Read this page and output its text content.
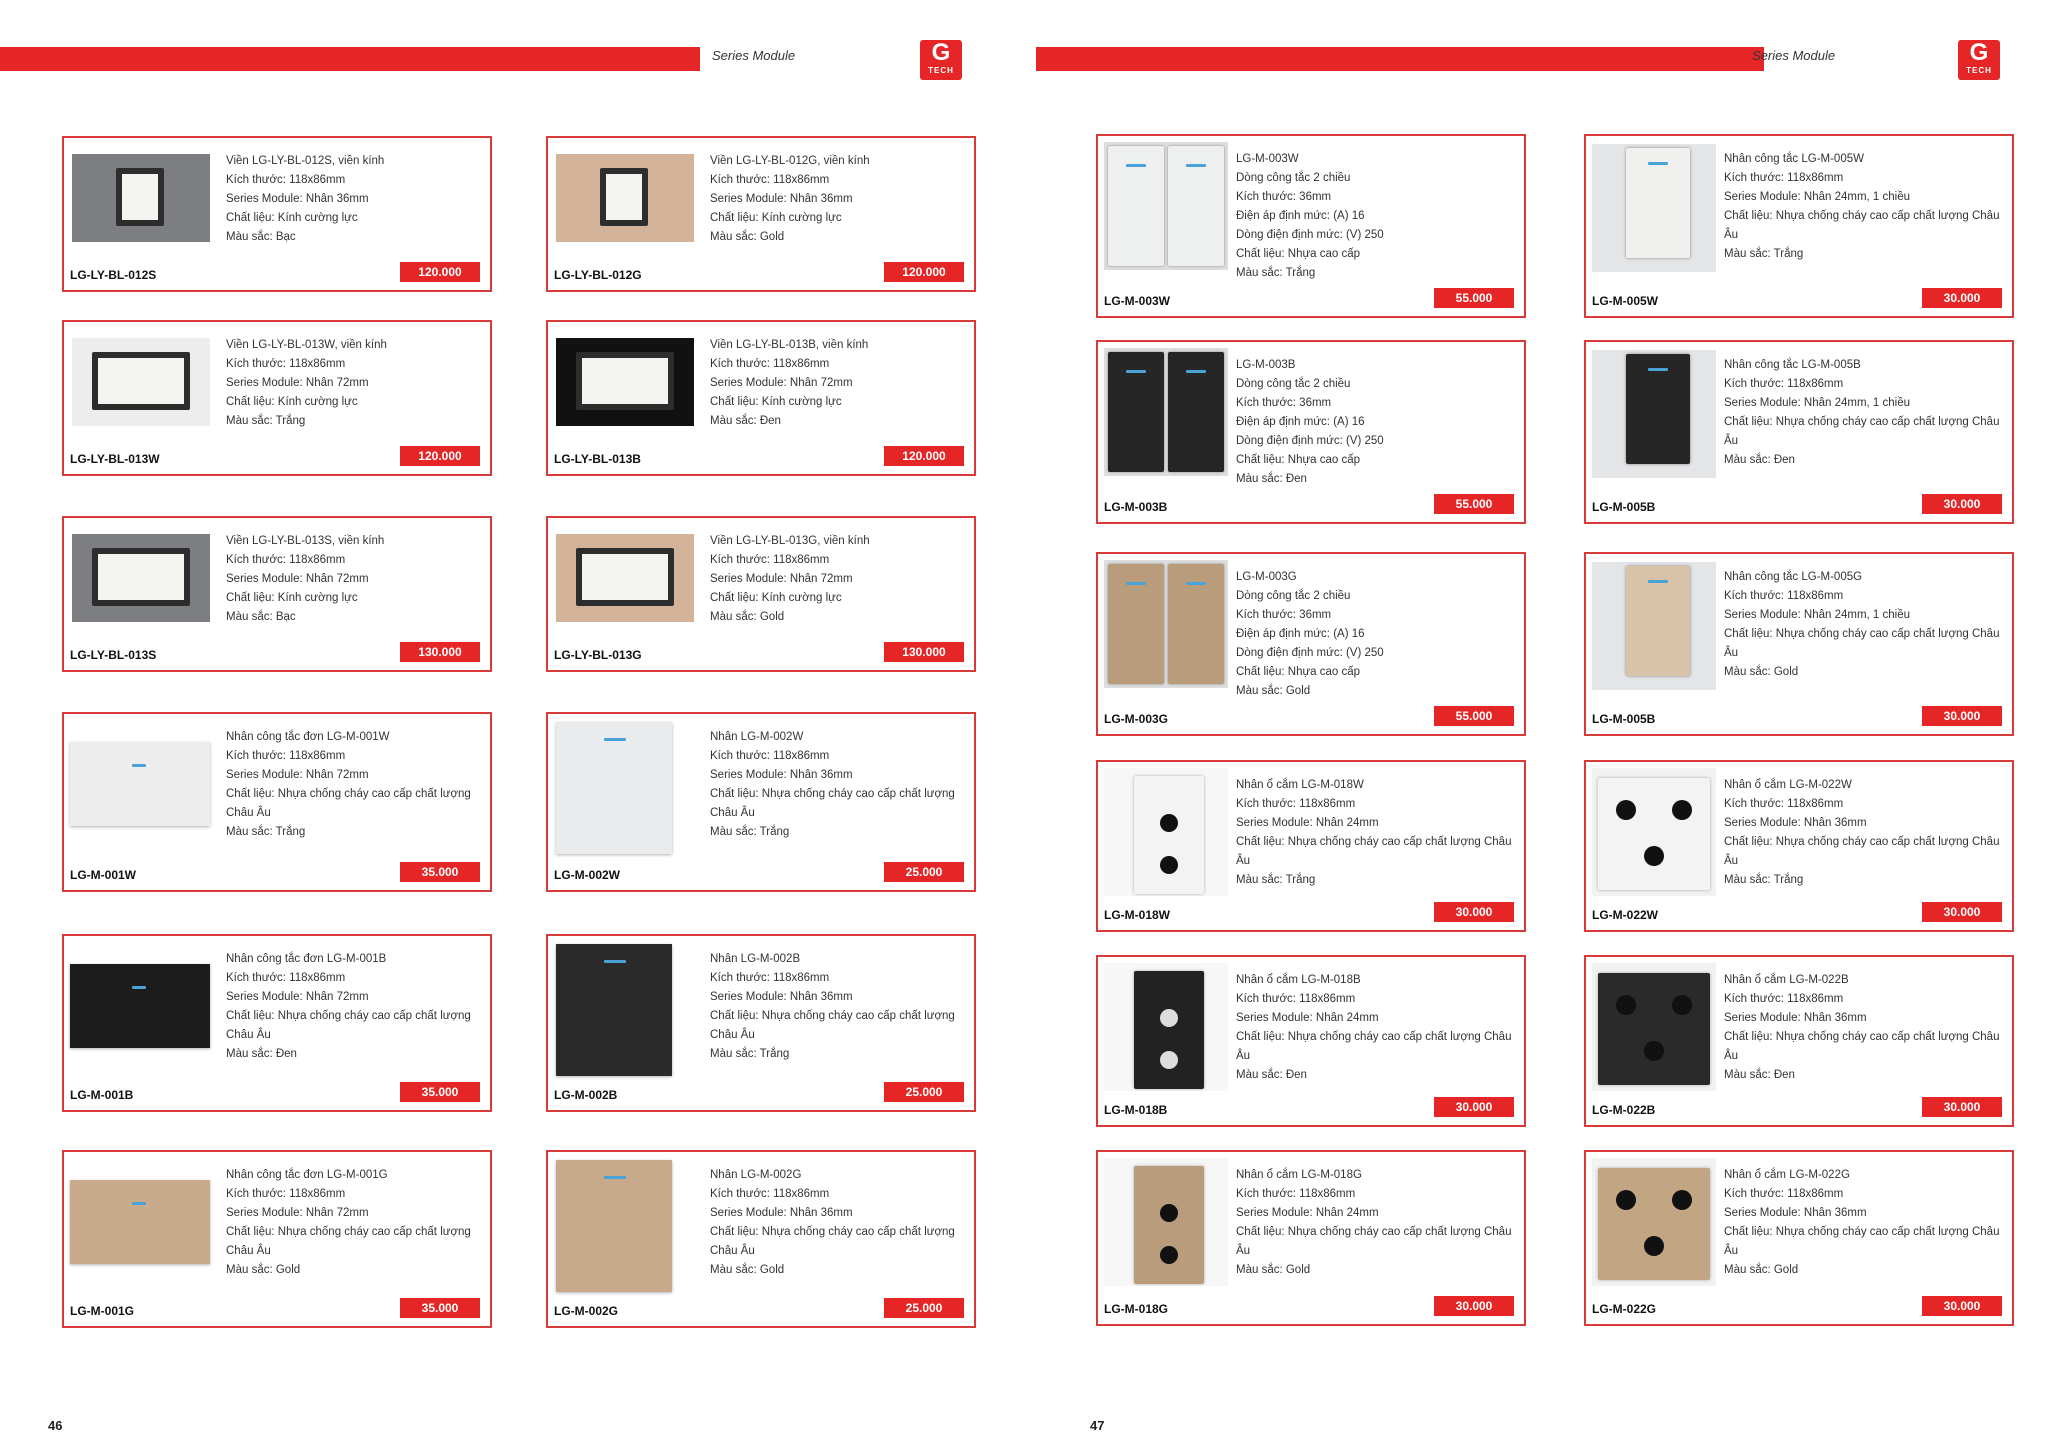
Series Module	G
TECH
46
Viền LG-LY-BL-012S, viền kính
Kích thước: 118x86mm
Series Module: Nhân 36mm
Chất liệu: Kính cường lực
Màu sắc: Bạc
LG-LY-BL-012S	120.000
Viền LG-LY-BL-012G, viền kính
Kích thước: 118x86mm
Series Module: Nhân 36mm
Chất liệu: Kính cường lực
Màu sắc: Gold
LG-LY-BL-012G	120.000
Viền LG-LY-BL-013W, viền kính
Kích thước: 118x86mm
Series Module: Nhân 72mm
Chất liệu: Kính cường lực
Màu sắc: Trắng
LG-LY-BL-013W	120.000
Viền LG-LY-BL-013B, viền kính
Kích thước: 118x86mm
Series Module: Nhân 72mm
Chất liệu: Kính cường lực
Màu sắc: Đen
LG-LY-BL-013B	120.000
Viền LG-LY-BL-013S, viền kính
Kích thước: 118x86mm
Series Module: Nhân 72mm
Chất liệu: Kính cường lực
Màu sắc: Bạc
LG-LY-BL-013S	130.000
Viền LG-LY-BL-013G, viền kính
Kích thước: 118x86mm
Series Module: Nhân 72mm
Chất liệu: Kính cường lực
Màu sắc: Gold
LG-LY-BL-013G	130.000
Nhân công tắc đơn LG-M-001W
Kích thước: 118x86mm
Series Module: Nhân 72mm
Chất liệu: Nhựa chống cháy cao cấp chất lượng Châu Âu
Màu sắc: Trắng
LG-M-001W	35.000
Nhân LG-M-002W
Kích thước: 118x86mm
Series Module: Nhân 36mm
Chất liệu: Nhựa chống cháy cao cấp chất lượng Châu Âu
Màu sắc: Trắng
LG-M-002W	25.000
Nhân công tắc đơn LG-M-001B
Kích thước: 118x86mm
Series Module: Nhân 72mm
Chất liệu: Nhựa chống cháy cao cấp chất lượng Châu Âu
Màu sắc: Đen
LG-M-001B	35.000
Nhân LG-M-002B
Kích thước: 118x86mm
Series Module: Nhân 36mm
Chất liệu: Nhựa chống cháy cao cấp chất lượng Châu Âu
Màu sắc: Trắng
LG-M-002B	25.000
Nhân công tắc đơn LG-M-001G
Kích thước: 118x86mm
Series Module: Nhân 72mm
Chất liệu: Nhựa chống cháy cao cấp chất lượng Châu Âu
Màu sắc: Gold
LG-M-001G	35.000
Nhân LG-M-002G
Kích thước: 118x86mm
Series Module: Nhân 36mm
Chất liệu: Nhựa chống cháy cao cấp chất lượng Châu Âu
Màu sắc: Gold
LG-M-002G	25.000
Series Module	G
TECH
47
LG-M-003W
Dòng công tắc 2 chiều
Kích thước: 36mm
Điện áp định mức: (A) 16
Dòng điện định mức: (V) 250
Chất liệu: Nhựa cao cấp
Màu sắc: Trắng
LG-M-003W	55.000
Nhân công tắc LG-M-005W
Kích thước: 118x86mm
Series Module: Nhân 24mm, 1 chiều
Chất liệu: Nhựa chống cháy cao cấp chất lượng Châu Âu
Màu sắc: Trắng
LG-M-005W	30.000
LG-M-003B
Dòng công tắc 2 chiều
Kích thước: 36mm
Điện áp định mức: (A) 16
Dòng điện định mức: (V) 250
Chất liệu: Nhựa cao cấp
Màu sắc: Đen
LG-M-003B	55.000
Nhân công tắc LG-M-005B
Kích thước: 118x86mm
Series Module: Nhân 24mm, 1 chiều
Chất liệu: Nhựa chống cháy cao cấp chất lượng Châu Âu
Màu sắc: Đen
LG-M-005B	30.000
LG-M-003G
Dòng công tắc 2 chiều
Kích thước: 36mm
Điện áp định mức: (A) 16
Dòng điện định mức: (V) 250
Chất liệu: Nhựa cao cấp
Màu sắc: Gold
LG-M-003G	55.000
Nhân công tắc LG-M-005G
Kích thước: 118x86mm
Series Module: Nhân 24mm, 1 chiều
Chất liệu: Nhựa chống cháy cao cấp chất lượng Châu Âu
Màu sắc: Gold
LG-M-005B	30.000
Nhân ổ cắm LG-M-018W
Kích thước: 118x86mm
Series Module: Nhân 24mm
Chất liệu: Nhựa chống cháy cao cấp chất lượng Châu Âu
Màu sắc: Trắng
LG-M-018W	30.000
Nhân ổ cắm LG-M-022W
Kích thước: 118x86mm
Series Module: Nhân 36mm
Chất liệu: Nhựa chống cháy cao cấp chất lượng Châu Âu
Màu sắc: Trắng
LG-M-022W	30.000
Nhân ổ cắm LG-M-018B
Kích thước: 118x86mm
Series Module: Nhân 24mm
Chất liệu: Nhựa chống cháy cao cấp chất lượng Châu Âu
Màu sắc: Đen
LG-M-018B	30.000
Nhân ổ cắm LG-M-022B
Kích thước: 118x86mm
Series Module: Nhân 36mm
Chất liệu: Nhựa chống cháy cao cấp chất lượng Châu Âu
Màu sắc: Đen
LG-M-022B	30.000
Nhân ổ cắm LG-M-018G
Kích thước: 118x86mm
Series Module: Nhân 24mm
Chất liệu: Nhựa chống cháy cao cấp chất lượng Châu Âu
Màu sắc: Gold
LG-M-018G	30.000
Nhân ổ cắm LG-M-022G
Kích thước: 118x86mm
Series Module: Nhân 36mm
Chất liệu: Nhựa chống cháy cao cấp chất lượng Châu Âu
Màu sắc: Gold
LG-M-022G	30.000
